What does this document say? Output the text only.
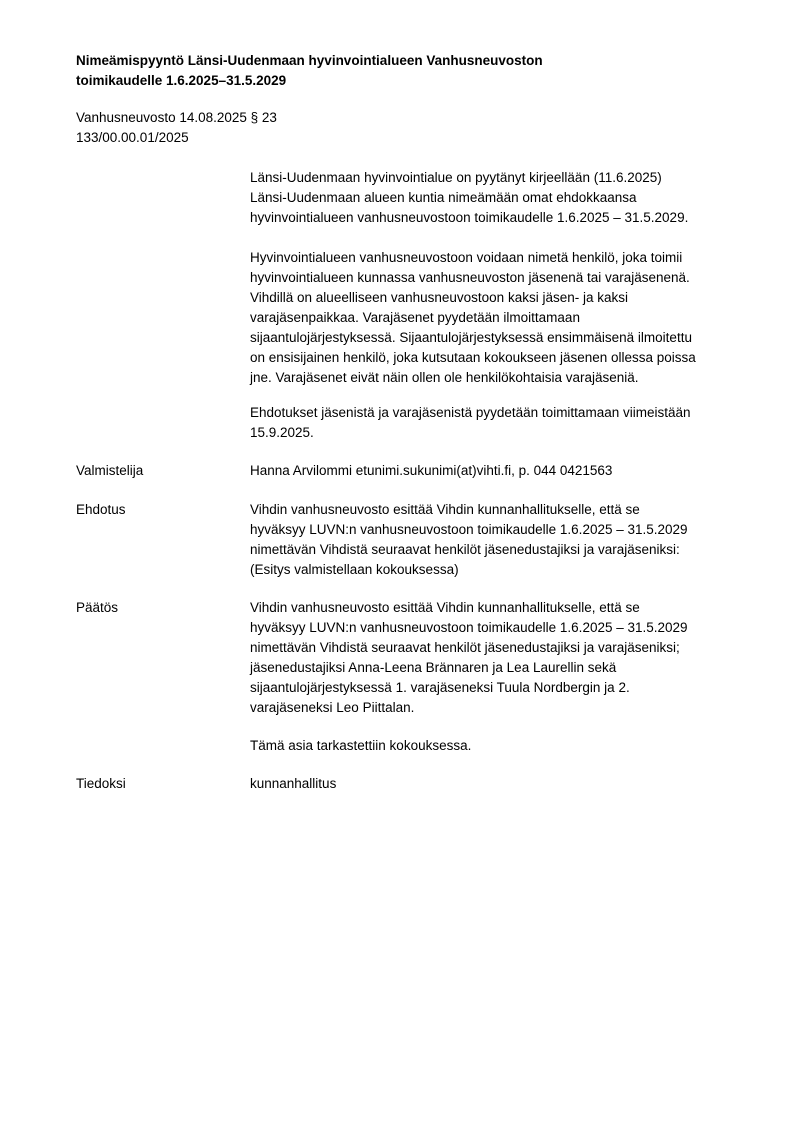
Nimeämispyyntö Länsi-Uudenmaan hyvinvointialueen Vanhusneuvoston
toimikaudelle 1.6.2025–31.5.2029
Vanhusneuvosto 14.08.2025 § 23
133/00.00.01/2025
Länsi-Uudenmaan hyvinvointialue on pyytänyt kirjeellään (11.6.2025)
Länsi-Uudenmaan alueen kuntia nimeämään omat ehdokkaansa
hyvinvointialueen vanhusneuvostoon toimikaudelle 1.6.2025 – 31.5.2029.
Hyvinvointialueen vanhusneuvostoon voidaan nimetä henkilö, joka toimii
hyvinvointialueen kunnassa vanhusneuvoston jäsenenä tai varajäsenenä.
Vihdillä on alueelliseen vanhusneuvostoon kaksi jäsen- ja kaksi
varajäsenpaikkaa. Varajäsenet pyydetään ilmoittamaan
sijaantulojärjestyksessä. Sijaantulojärjestyksessä ensimmäisenä ilmoitettu
on ensisijainen henkilö, joka kutsutaan kokoukseen jäsenen ollessa poissa
jne. Varajäsenet eivät näin ollen ole henkilökohtaisia varajäseniä.
Ehdotukset jäsenistä ja varajäsenistä pyydetään toimittamaan viimeistään
15.9.2025.
Valmistelija	Hanna Arvilommi etunimi.sukunimi(at)vihti.fi, p. 044 0421563
Ehdotus	Vihdin vanhusneuvosto esittää Vihdin kunnanhallitukselle, että se
hyväksyy LUVN:n vanhusneuvostoon toimikaudelle 1.6.2025 – 31.5.2029
nimettävän Vihdistä seuraavat henkilöt jäsenedustajiksi ja varajäseniksi:
(Esitys valmistellaan kokouksessa)
Päätös	Vihdin vanhusneuvosto esittää Vihdin kunnanhallitukselle, että se
hyväksyy LUVN:n vanhusneuvostoon toimikaudelle 1.6.2025 – 31.5.2029
nimettävän Vihdistä seuraavat henkilöt jäsenedustajiksi ja varajäseniksi;
jäsenedustajiksi Anna-Leena Brännaren ja Lea Laurellin sekä
sijaantulojärjestyksessä 1. varajäseneksi Tuula Nordbergin ja 2.
varajäseneksi Leo Piittalan.
Tämä asia tarkastettiin kokouksessa.
Tiedoksi	kunnanhallitus
